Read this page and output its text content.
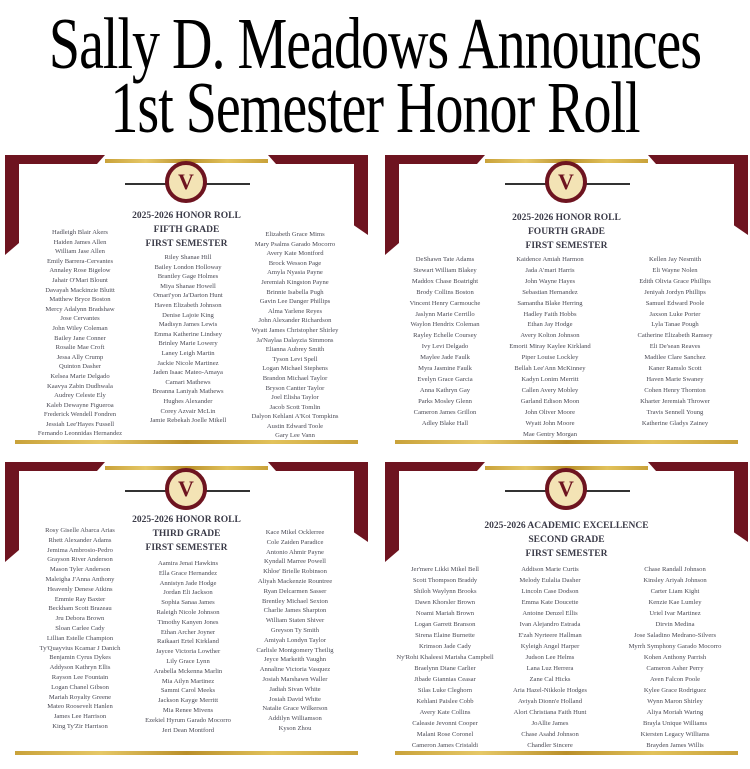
Sally D. Meadows Announces
1st Semester Honor Roll
V
2025-2026 HONOR ROLL
FIFTH GRADE
FIRST SEMESTER
Hadleigh Blair Akers
Haiden James Allen
William Jase Allen
Emily Barrera-Cervantes
Annaley Rose Bigelow
Jahair O'Mari Blount
Davayah Mackinzie Bluitt
Matthew Bryce Boston
Mercy Adalynn Bradshaw
Jose Cervantes
John Wiley Coleman
Bailey Jane Conner
Rosalie Mae Croft
Jessa Ally Crump
Quinton Dasher
Kelsea Marie Delgado
Kaavya Zabin Dudhwala
Audrey Celeste Ely
Kaleb Dewayne Figueroa
Frederick Wendell Fondren
Jessiah Lee'Hayes Fussell
Fernando Leonnidas Hernandez
Riley Shanae Hill
Bailey London Holloway
Brantley Gage Holmes
Miya Shanae Howell
Omari'yon Ja'Darton Hunt
Haven Elizabeth Johnson
Denise Lajoie King
Madisyn James Lewis
Emma Katherine Lindsey
Brinley Marie Lowery
Laney Leigh Martin
Jackie Nicole Martinez
Jaden Isaac Mateo-Amaya
Camari Mathews
Breanna Laniyah Mathews
Hughes Alexander
Corey Azvair McLin
Jamie Rebekah Joelle Mikell
Elizabeth Grace Mims
Mary Psalms Garado Mocorro
Avery Kate Montford
Brock Wesson Page
Amyla Nyasia Payne
Jeremiah Kingston Payne
Brinnie Isabella Pugh
Gavin Lee Danger Phillips
Alma Yarlene Reyes
John Alexander Richardson
Wyatt James Christopher Shirley
Ja'Naylaa Dalayzia Simmons
Elianna Aubrey Smith
Tyson Levi Spell
Logan Michael Stephens
Brandon Michael Taylor
Bryson Cantter Taylor
Joel Elisha Taylor
Jacob Scott Tomlin
Dalyon Kehlani A'Koi Tompkins
Austin Edward Toole
Gary Lee Vann
V
2025-2026 HONOR ROLL
FOURTH GRADE
FIRST SEMESTER
DeShawn Tate Adams
Stewart William Blakey
Maddox Chase Boatright
Brody Collins Boston
Vincent Henry Carmouche
Jaslynn Marie Cerrillo
Waylon Hendrix Coleman
Rayley Echelle Coursey
Ivy Levi Delgado
Maylee Jade Faulk
Myra Jasmine Faulk
Evelyn Grace Garcia
Anna Kathryn Gay
Parks Mosley Glenn
Cameron James Grillon
Adley Blake Hall
Kaidence Amiah Harmon
Jada A'mari Harris
John Wayne Hayes
Sebastian Hernandez
Samantha Blake Herring
Hadley Faith Hobbs
Ethan Jay Hodge
Avery Kolton Johnson
Emorii Miray Kaylee Kirkland
Piper Louise Lockley
Bellah Lee'Ann McKinney
Kadyn Lonim Merritt
Callen Avery Mobley
Garland Edison Moon
John Oliver Moore
Wyatt John Moore
Mae Gentry Morgan
Kellen Jay Nesmith
Eli Wayne Nolen
Edith Olivia Grace Phillips
Jeniyah Jordyn Phillips
Samuel Edward Poole
Jaxson Luke Porter
Lyla Tanae Pough
Catherine Elizabeth Ramsey
Eli De'sean Reaves
Madilee Clare Sanchez
Kaner Ramslo Scott
Haven Marie Swaney
Cohen Henry Thornton
Kharter Jeremiah Thrower
Travis Sennell Young
Katherine Gladys Zainey
V
2025-2026 HONOR ROLL
THIRD GRADE
FIRST SEMESTER
Rosy Giselle Abarca Arias
Rhett Alexander Adams
Jemima Ambrosio-Pedro
Grayson River Anderson
Mason Tyler Anderson
Maleigha J'Anna Anthony
Heavenly Denese Atkins
Emmie Ray Baxter
Beckham Scott Brazeau
Jru Debora Brown
Sloan Carlee Cady
Lillian Estelle Champion
Ty'Quayvius Kcamar J Danich
Benjamin Cyrus Dykes
Addyson Kathryn Ellis
Rayson Lee Fountain
Logan Chanel Gibson
Mariah Royalty Greene
Mateo Roosevelt Hanlen
James Lee Harrison
King Ty'Zir Harrison
Aamira Jenai Hawkins
Ella Grace Hernandez
Annistyn Jade Hodge
Jordan Eli Jackson
Sophia Sanaa James
Raleigh Nicole Johnson
Timothy Kanyen Jones
Ethan Archer Joyner
Raikaari Ertel Kirkland
Jaycee Victoria Lowther
Lily Grace Lynn
Arabella Mckenna Marlin
Mia Ailyn Martinez
Sammi Carol Meeks
Jackson Kayge Merritt
Mia Renee Mivens
Ezekiel Hyrum Garado Mocorro
Jeri Dean Montford
Kace Mikel Ocklerree
Cole Zaiden Paradice
Antonio Ahmir Payne
Kyndall Marree Powell
Khloe' Brielle Robinson
Aliyah Mackenzie Rountree
Ryan Delcarmen Sasser
Brentley Michael Sexton
Charlie James Sharpton
William Staten Shiver
Greyson Ty Smith
Amiyah Londyn Taylor
Carlisle Montgomery Theilig
Jeyce Markeith Vaughn
Annaline Victoria Vasquez
Josiah Marshawn Waller
Jadiah Sivan White
Josiah David White
Natalie Grace Wilkerson
Addilyn Williamson
Kyson Zhou
V
2025-2026 ACADEMIC EXCELLENCE
SECOND GRADE
FIRST SEMESTER
Jer'mere Likki Mikel Bell
Scott Thompson Braddy
Shiloh Waylynn Brooks
Dawn Khorsler Brown
Noami Mariah Brown
Logan Garrett Branson
Sirena Elaine Burnette
Krimson Jade Cady
Ny'Rohi Khaleesi Marisha Campbell
Braelynn Diane Carlier
Jibade Giannias Ceasar
Silas Luke Cleghorn
Kehlani Paislee Cobb
Avery Kate Collins
Caleasie Jevonni Cooper
Malani Rose Coronel
Cameron James Cristaldi
Addison Marie Curtis
Melody Eulalia Dasher
Lincoln Case Dodson
Emma Kate Doucette
Antoine Denzel Ellis
Ivan Alejandro Estrada
E'zah Nyrteere Hallman
Kyleigh Angel Harper
Judson Lee Helms
Lana Luz Herrera
Zane Cal Hicks
Aria Hazel-Nikkole Hodges
Aviyah Dionn'e Holland
Alori Christiana Faith Hunt
JoAllie James
Chase Asahd Johnson
Chandler Sincere
Chase Randall Johnson
Kinsley Ariyah Johnson
Carter Liam Kight
Kenzie Kae Lumley
Uriel Ivar Martinez
Dirvin Medina
Jose Saladino Medrano-Silvers
Myrrh Symphony Garado Mocorro
Kohen Anthony Parrish
Cameron Asher Perry
Aven Falcon Poole
Kylee Grace Rodriguez
Wynn Maron Shirley
Aliya Moriah Waring
Brayla Unique Williams
Kiersten Legacy Williams
Brayden James Willis
